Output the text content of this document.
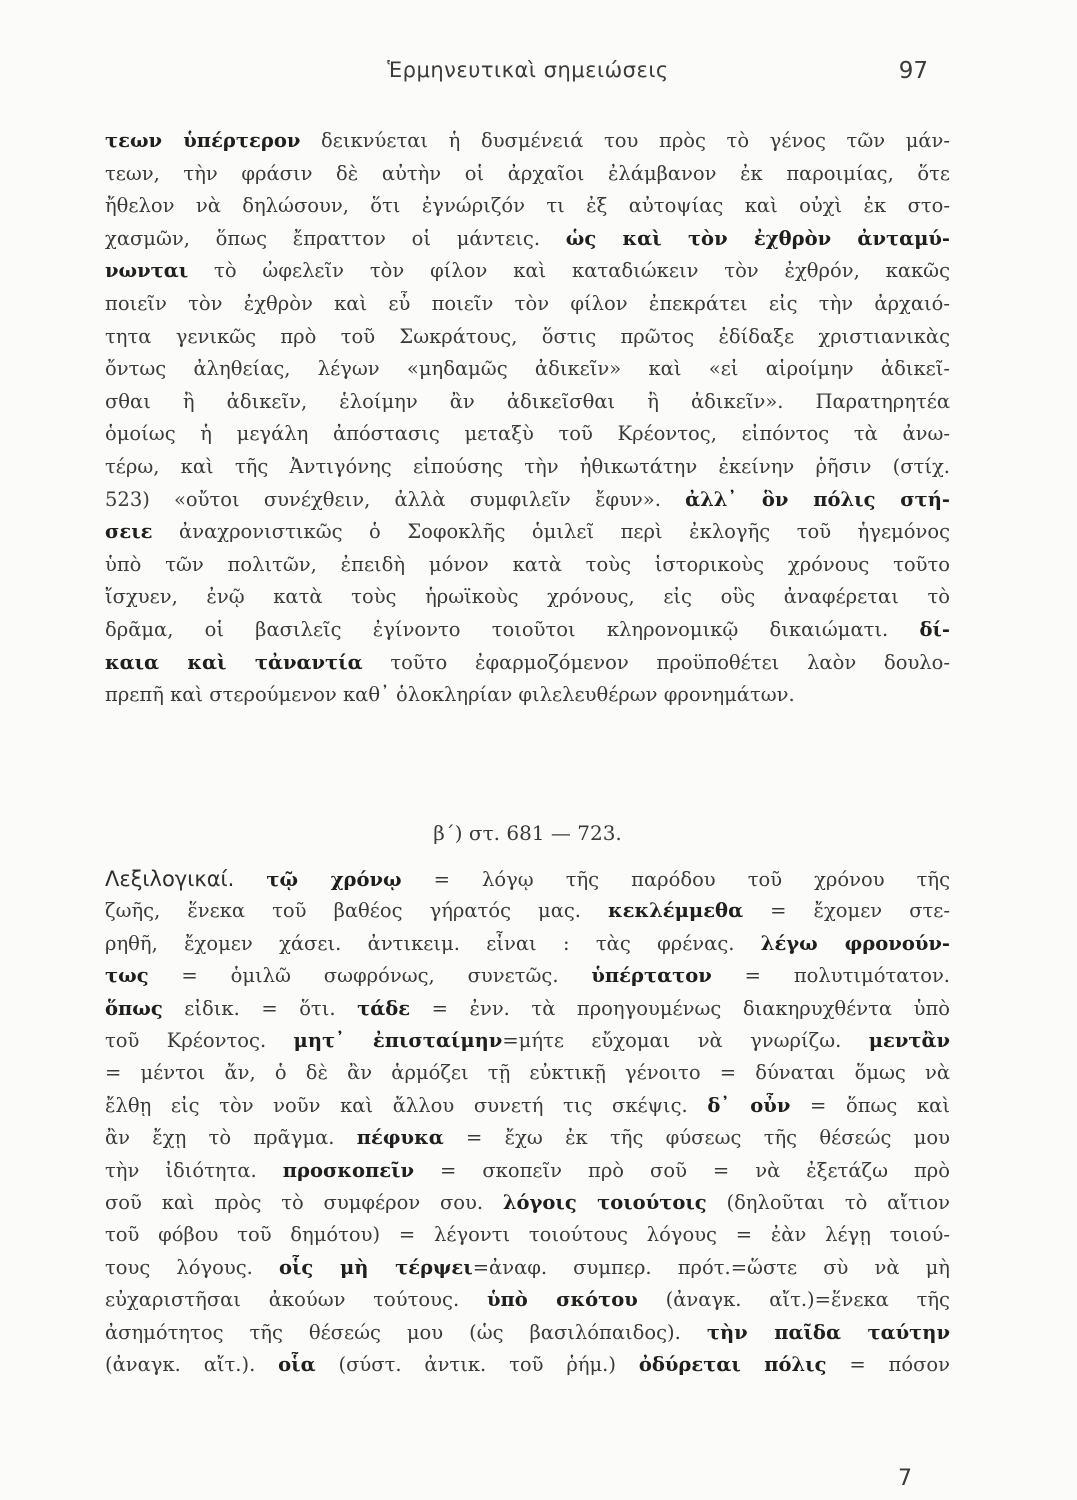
Ἑρμηνευτικαὶ σημειώσεις	97
τεων ὑπέρτερον δεικνύεται ἡ δυσμένειά του πρὸς τὸ γένος τῶν μάν-
τεων, τὴν φράσιν δὲ αὐτὴν οἱ ἀρχαῖοι ἐλάμβανον ἐκ παροιμίας, ὅτε
ἤθελον νὰ δηλώσουν, ὅτι ἐγνώριζόν τι ἐξ αὐτοψίας καὶ οὐχὶ ἐκ στο-
χασμῶν, ὅπως ἔπραττον οἱ μάντεις. ὡς καὶ τὸν ἐχθρὸν ἀνταμύ-
νωνται τὸ ὠφελεῖν τὸν φίλον καὶ καταδιώκειν τὸν ἐχθρόν, κακῶς
ποιεῖν τὸν ἐχθρὸν καὶ εὖ ποιεῖν τὸν φίλον ἐπεκράτει εἰς τὴν ἀρχαιό-
τητα γενικῶς πρὸ τοῦ Σωκράτους, ὅστις πρῶτος ἐδίδαξε χριστιανικὰς
ὄντως ἀληθείας, λέγων «μηδαμῶς ἀδικεῖν» καὶ «εἰ αἱροίμην ἀδικεῖ-
σθαι ἢ ἀδικεῖν, ἑλοίμην ἂν ἀδικεῖσθαι ἢ ἀδικεῖν». Παρατηρητέα
ὁμοίως ἡ μεγάλη ἀπόστασις μεταξὺ τοῦ Κρέοντος, εἰπόντος τὰ ἀνω-
τέρω, καὶ τῆς Ἀντιγόνης εἰπούσης τὴν ἠθικωτάτην ἐκείνην ῥῆσιν (στίχ.
523) «οὔτοι συνέχθειν, ἀλλὰ συμφιλεῖν ἔφυν». ἀλλ᾿ ὃν πόλις στή-
σειε ἀναχρονιστικῶς ὁ Σοφοκλῆς ὁμιλεῖ περὶ ἐκλογῆς τοῦ ἡγεμόνος
ὑπὸ τῶν πολιτῶν, ἐπειδὴ μόνον κατὰ τοὺς ἱστορικοὺς χρόνους τοῦτο
ἴσχυεν, ἐνῷ κατὰ τοὺς ἡρωϊκοὺς χρόνους, εἰς οὓς ἀναφέρεται τὸ
δρᾶμα, οἱ βασιλεῖς ἐγίνοντο τοιοῦτοι κληρονομικῷ δικαιώματι. δί-
καια καὶ τἀναντία τοῦτο ἐφαρμοζόμενον προϋποθέτει λαὸν δουλο-
πρεπῆ καὶ στερούμενον καθ᾿ ὁλοκληρίαν φιλελευθέρων φρονημάτων.
Λεξιλογικαί. τῷ χρόνῳ = λόγῳ τῆς παρόδου τοῦ χρόνου τῆς
ζωῆς, ἕνεκα τοῦ βαθέος γήρατός μας. κεκλέμμεθα = ἔχομεν στε-
ρηθῆ, ἔχομεν χάσει. ἀντικειμ. εἶναι : τὰς φρένας. λέγω φρονούν-
τως = ὁμιλῶ σωφρόνως, συνετῶς. ὑπέρτατον = πολυτιμότατον.
ὅπως εἰδικ. = ὅτι. τάδε = ἐνν. τὰ προηγουμένως διακηρυχθέντα ὑπὸ
τοῦ Κρέοντος. μητ᾿ ἐπισταίμην=μήτε εὔχομαι νὰ γνωρίζω. μεντἂν
= μέντοι ἄν, ὁ δὲ ἂν ἁρμόζει τῇ εὐκτικῇ γένοιτο = δύναται ὅμως νὰ
ἔλθῃ εἰς τὸν νοῦν καὶ ἄλλου συνετή τις σκέψις. δ᾿ οὖν = ὅπως καὶ
ἂν ἔχῃ τὸ πρᾶγμα. πέφυκα = ἔχω ἐκ τῆς φύσεως τῆς θέσεώς μου
τὴν ἰδιότητα. προσκοπεῖν = σκοπεῖν πρὸ σοῦ = νὰ ἐξετάζω πρὸ
σοῦ καὶ πρὸς τὸ συμφέρον σου. λόγοις τοιούτοις (δηλοῦται τὸ αἴτιον
τοῦ φόβου τοῦ δημότου) = λέγοντι τοιούτους λόγους = ἐὰν λέγῃ τοιού-
τους λόγους. οἷς μὴ τέρψει=ἀναφ. συμπερ. πρότ.=ὥστε σὺ νὰ μὴ
εὐχαριστῆσαι ἀκούων τούτους. ὑπὸ σκότου (ἀναγκ. αἴτ.)=ἕνεκα τῆς
ἀσημότητος τῆς θέσεώς μου (ὡς βασιλόπαιδος). τὴν παῖδα ταύτην
(ἀναγκ. αἴτ.). οἷα (σύστ. ἀντικ. τοῦ ῥήμ.) ὀδύρεται πόλις = πόσον
β΄) στ. 681 — 723.
7
